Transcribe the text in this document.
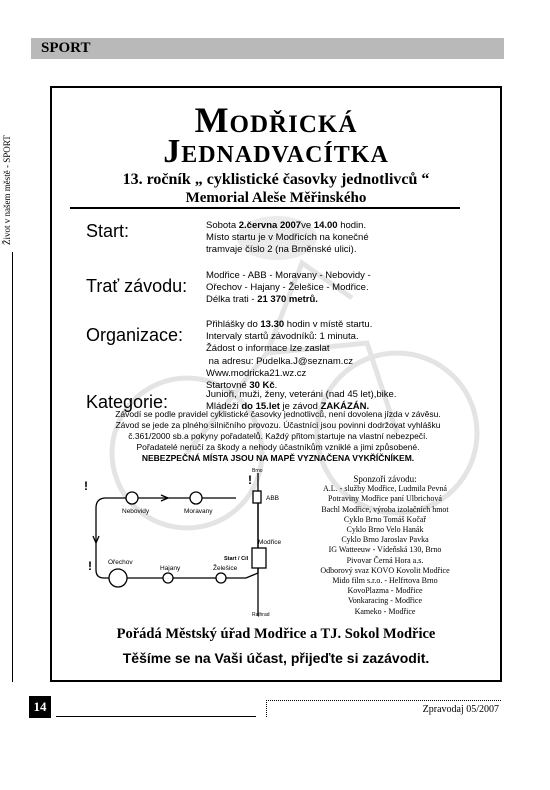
SPORT
Život v našem městě - SPORT
Modřická
Jednadvacítka
13. ročník „ cyklistické časovky jednotlivců “
Memorial Aleše Měřinského
Start:	Sobota 2.června 2007ve 14.00 hodin.
Místo startu je v Modřicích na konečné
tramvaje číslo 2 (na Brněnské ulici).
Trať závodu:
Modřice - ABB - Moravany - Nebovidy -
Ořechov - Hajany - Želešice - Modřice.
Délka trati - 21 370 metrů.
Organizace:
Přihlášky do 13.30 hodin v místě startu.
Intervaly startů závodníků: 1 minuta.
Žádost o informace lze zaslat
na adresu: Pudelka.J@seznam.cz
Www.modricka21.wz.cz
Startovné 30 Kč.
Kategorie:	Junioři, muži, ženy, veteráni (nad 45 let),bike.
Mládeži do 15.let je závod ZAKÁZÁN.
Závodí se podle pravidel cyklistické časovky jednotlivců, není dovolena jízda v závěsu.
Závod se jede za plného silničního provozu. Účastníci jsou povinni dodržovat vyhlášku
č.361/2000 sb.a pokyny pořadatelů. Každý přitom startuje na vlastní nebezpečí.
Pořadatelé neručí za škody a nehody účastníkům vzniklé a jimi způsobené.
NEBEZPEČNÁ MÍSTA JSOU NA MAPĚ VYZNAČENA VYKŘÍČNÍKEM.
Nebovidy	Moravany
Ořechov
Hajany	Želešice
ABB
Modřice
Start / Cíl
Brno
Rajhrad
!	!
!
Sponzoři závodu:
A.L. - služby Modřice, Ludmila Pevná
Potraviny Modřice paní Ulbrichová
Bachl Modřice, výroba izolačních hmot
Cyklo Brno Tomáš Kočař
Cyklo Brno Velo Hanák
Cyklo Brno Jaroslav Pavka
IG Watteeuw - Vídeňská 130, Brno
Pivovar Černá Hora a.s.
Odborový svaz KOVO Kovolit Modřice
Mido film s.r.o. - Helfrtova Brno
KovoPlazma - Modřice
Vonkaracing - Modřice
Kameko - Modřice
Pořádá Městský úřad Modřice a TJ. Sokol Modřice
Těšíme se na Vaši účast, přijeďte si zazávodit.
14	Zpravodaj 05/2007
